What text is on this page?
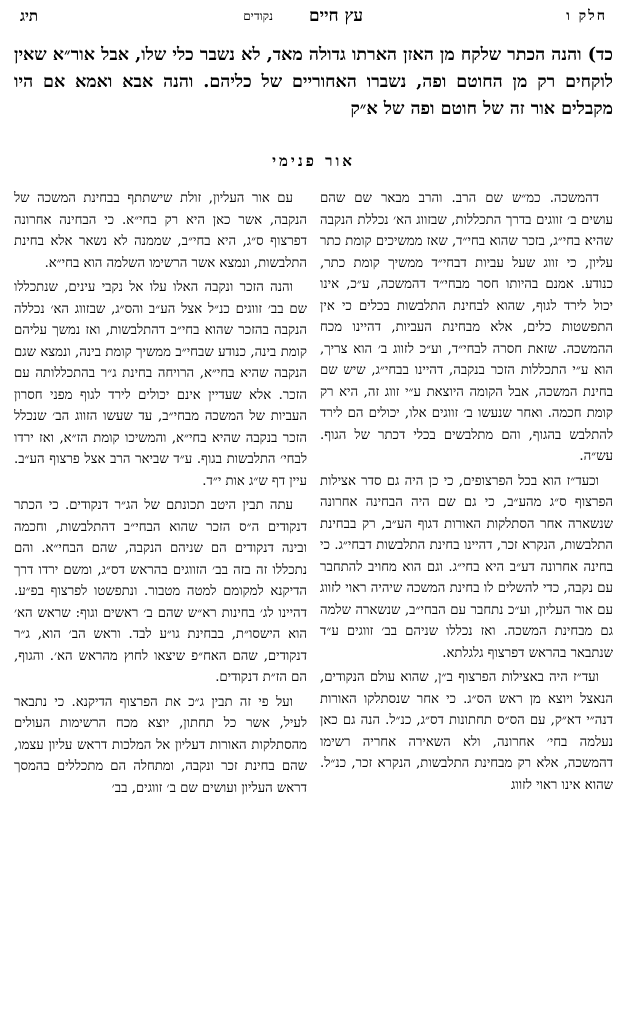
חלק ו
עץ חיים
נקודים
תיג
כד) והנה הכתר שלקח מן האזן הארתו גדולה מאד, לא נשבר כלי שלו, אבל אור״א שאין לוקחים רק מן החוטם ופה, נשברו האחוריים של כליהם. והנה אבא ואמא אם היו מקבלים אור זה של חוטם ופה של א״ק
אור פנימי

דהמשכה. כמ״ש שם הרב. והרב מבאר שם שהם עושים ב׳ זווגים בדרך התכללות, שבזווג הא׳ נכללת הנקבה שהיא בחי״ג, בזכר שהוא בחי״ד, שאז ממשיכים קומת כתר עליון, כי זווג שעל עביות דבחי״ד ממשיך קומת כתר, כנודע. אמנם בהיותו חסר מבחי״ד דהמשכה, ע״כ, אינו יכול לירד לגוף, שהוא לבחינת התלבשות בכלים כי אין התפשטות כלים, אלא מבחינת העביות, דהיינו מכח ההמשכה. שזאת חסרה לבחי״ד, וע״כ לזווג ב׳ הוא צריך, הוא ע״י התכללות הזכר בנקבה, דהיינו בבחי״ג, שיש שם בחינת המשכה, אבל הקומה היוצאת ע״י זווג זה, היא רק קומת חכמה. ואחר שנעשו ב׳ זווגים אלו, יכולים הם לירד להתלבש בהגוף, והם מתלבשים בכלי דכתר של הגוף. עש״ה.

וכעד״ז הוא בכל הפרצופים, כי כן היה גם סדר אצילות הפרצוף ס״ג מהע״ב, כי גם שם היה הבחינה אחרונה שנשארה אחר הסתלקות האורות דגוף הע״ב, רק בבחינת התלבשות, הנקרא זכר, דהיינו בחינת התלבשות דבחי״ג. כי בחינה אחרונה דע״ב היא בחי״ג. וגם הוא מחויב להתחבר עם נקבה, כדי להשלים לו בחינת המשכה שיהיה ראוי לזווג עם אור העליון, וע״כ נתחבר עם הבחי״ב, שנשארה שלמה גם מבחינת המשכה. ואז נכללו שניהם בב׳ זווגים ע״ד שנתבאר בהראש דפרצוף גלגלתא.

ועד״ז היה באצילות הפרצוף ב״ן, שהוא עולם הנקודים, הנאצל ויוצא מן ראש הס״ג. כי אחר שנסתלקו האורות דנה״י דא״ק, עם הס״ס תחתונות דס״ג, כנ״ל. הנה גם כאן נעלמה בחי׳ אחרונה, ולא השאירה אחריה רשימו דהמשכה, אלא רק מבחינת התלבשות, הנקרא זכר, כנ״ל. שהוא אינו ראוי לזווג

עם אור העליון, זולת שישתתף בבחינת המשכה של הנקבה, אשר כאן היא רק בחי״א. כי הבחינה אחרונה דפרצוף ס״ג, היא בחי״ב, שממנה לא נשאר אלא בחינת התלבשות, ונמצא אשר הרשימו השלמה הוא בחי״א.

והנה הזכר ונקבה האלו עלו אל נקבי עינים, שנתכללו שם בב׳ זווגים כנ״ל אצל הע״ב והס״ג, שבזווג הא׳ נכללה הנקבה בהזכר שהוא בחי״ב דהתלבשות, ואז נמשך עליהם קומת בינה, כנודע שבחי״ב ממשיך קומת בינה, ונמצא שגם הנקבה שהיא בחי״א, הרויחה בחינת ג״ר בהתכללותה עם הזכר. אלא שעדיין אינם יכולים לירד לגוף מפני חסרון העביות של המשכה מבחי״ב, עד שעשו הזווג הב׳ שנכלל הזכר בנקבה שהיא בחי״א, והמשיכו קומת הז״א, ואז ירדו לבחי׳ התלבשות בגוף. ע״ד שביאר הרב אצל פרצוף הע״ב. עיין דף ש״ג אות י״ד.

עתה תבין היטב תכונתם של הג״ר דנקודים. כי הכתר דנקודים ה״ס הזכר שהוא הבחי״ב דהתלבשות, וחכמה ובינה דנקודים הם שניהם הנקבה, שהם הבחי״א. והם נתכללו זה בזה בב׳ הזווגים בהראש דס״ג, ומשם ירדו דרך הדיקנא למקומם למטה מטבור. ונתפשטו לפרצוף בפ״ע. דהיינו לג׳ בחינות רא״ש שהם ב׳ ראשים וגוף: שראש הא׳ הוא הישסו״ת, בבחינת גו״ע לבד. וראש הב׳ הוא, ג״ר דנקודים, שהם האח״פ שיצאו לחוץ מהראש הא׳. והגוף, הם הז״ת דנקודים.

ועל פי זה תבין ג״כ את הפרצוף הדיקנא. כי נתבאר לעיל, אשר כל תחתון, יוצא מכח הרשימות העולים מהסתלקות האורות דעליון אל המלכות דראש עליון עצמו, שהם בחינת זכר ונקבה, ומתחלה הם מתכללים בהמסך דראש העליון ועושים שם ב׳ זווגים, בב׳
